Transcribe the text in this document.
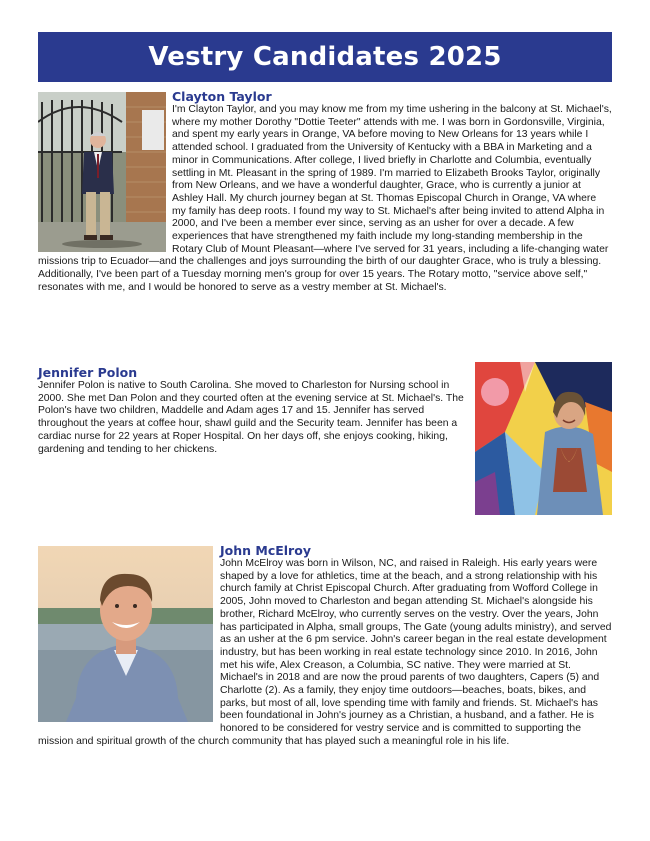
Vestry Candidates 2025

Clayton Taylor

I'm Clayton Taylor, and you may know me from my time ushering in the balcony at St. Michael's, where my mother Dorothy "Dottie Teeter" attends with me. I was born in Gordonsville, Virginia, and spent my early years in Orange, VA before moving to New Orleans for 13 years while I attended school. I graduated from the University of Kentucky with a BBA in Marketing and a minor in Communications. After college, I lived briefly in Charlotte and Columbia, eventually settling in Mt. Pleasant in the spring of 1989. I'm married to Elizabeth Brooks Taylor, originally from New Orleans, and we have a wonderful daughter, Grace, who is currently a junior at Ashley Hall. My church journey began at St. Thomas Episcopal Church in Orange, VA where my family has deep roots. I found my way to St. Michael's after being invited to attend Alpha in 2000, and I've been a member ever since, serving as an usher for over a decade. A few experiences that have strengthened my faith include my long-standing membership in the Rotary Club of Mount Pleasant—where I've served for 31 years, including a life-changing water missions trip to Ecuador—and the challenges and joys surrounding the birth of our daughter Grace, who is truly a blessing. Additionally, I've been part of a Tuesday morning men's group for over 15 years. The Rotary motto, "service above self," resonates with me, and I would be honored to serve as a vestry member at St. Michael's.

Jennifer Polon

Jennifer Polon is native to South Carolina. She moved to Charleston for Nursing school in 2000. She met Dan Polon and they courted often at the evening service at St. Michael's. The Polon's have two children, Maddelle and Adam ages 17 and 15. Jennifer has served throughout the years at coffee hour, shawl guild and the Security team. Jennifer has been a cardiac nurse for 22 years at Roper Hospital. On her days off, she enjoys cooking, hiking, gardening and tending to her chickens.

John McElroy

John McElroy was born in Wilson, NC, and raised in Raleigh. His early years were shaped by a love for athletics, time at the beach, and a strong relationship with his church family at Christ Episcopal Church. After graduating from Wofford College in 2005, John moved to Charleston and began attending St. Michael's alongside his brother, Richard McElroy, who currently serves on the vestry. Over the years, John has participated in Alpha, small groups, The Gate (young adults ministry), and served as an usher at the 6 pm service. John's career began in the real estate development industry, but has been working in real estate technology since 2010. In 2016, John met his wife, Alex Creason, a Columbia, SC native. They were married at St. Michael's in 2018 and are now the proud parents of two daughters, Capers (5) and Charlotte (2). As a family, they enjoy time outdoors—beaches, boats, bikes, and parks, but most of all, love spending time with family and friends. St. Michael's has been foundational in John's journey as a Christian, a husband, and a father. He is honored to be considered for vestry service and is committed to supporting the mission and spiritual growth of the church community that has played such a meaningful role in his life.
